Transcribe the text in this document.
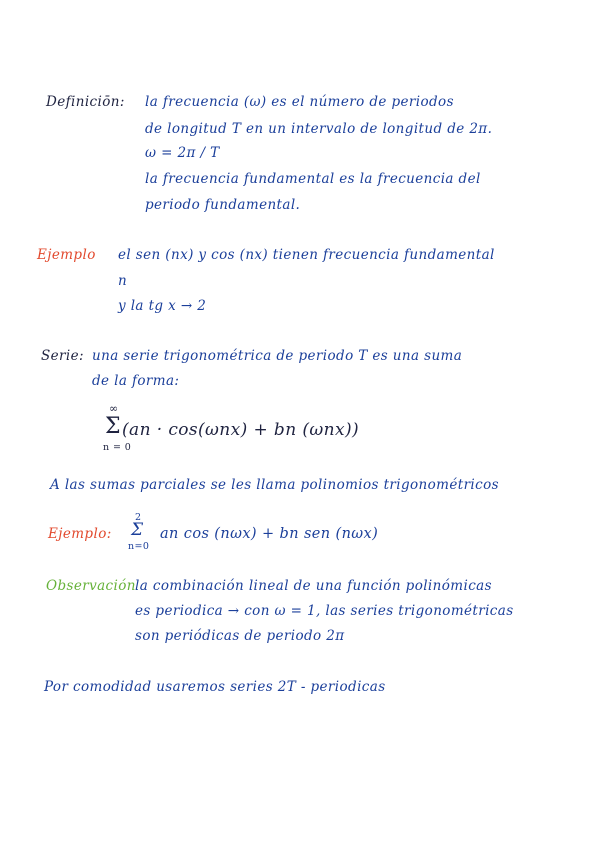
Definiciōn: la frecuencia (ω) es el número de periodos
de longitud T en un intervalo de longitud de 2π.
ω = 2π / T
la frecuencia fundamental es la frecuencia del
periodo fundamental.
Ejemplo el sen (nx) y cos (nx) tienen frecuencia fundamental
n
y la tg x → 2
Serie: una serie trigonométrica de periodo T es una suma
de la forma:
∞
Σ
n = 0
(an · cos(ωnx) + bn (ωnx))
A las sumas parciales se les llama polinomios trigonométricos
Ejemplo:
2
Σ
n=0
an cos (nωx) + bn sen (nωx)
Observación la combinación lineal de una función polinómicas
es periodica → con ω = 1, las series trigonométricas
son periódicas de periodo 2π
Por comodidad usaremos series 2T - periodicas
